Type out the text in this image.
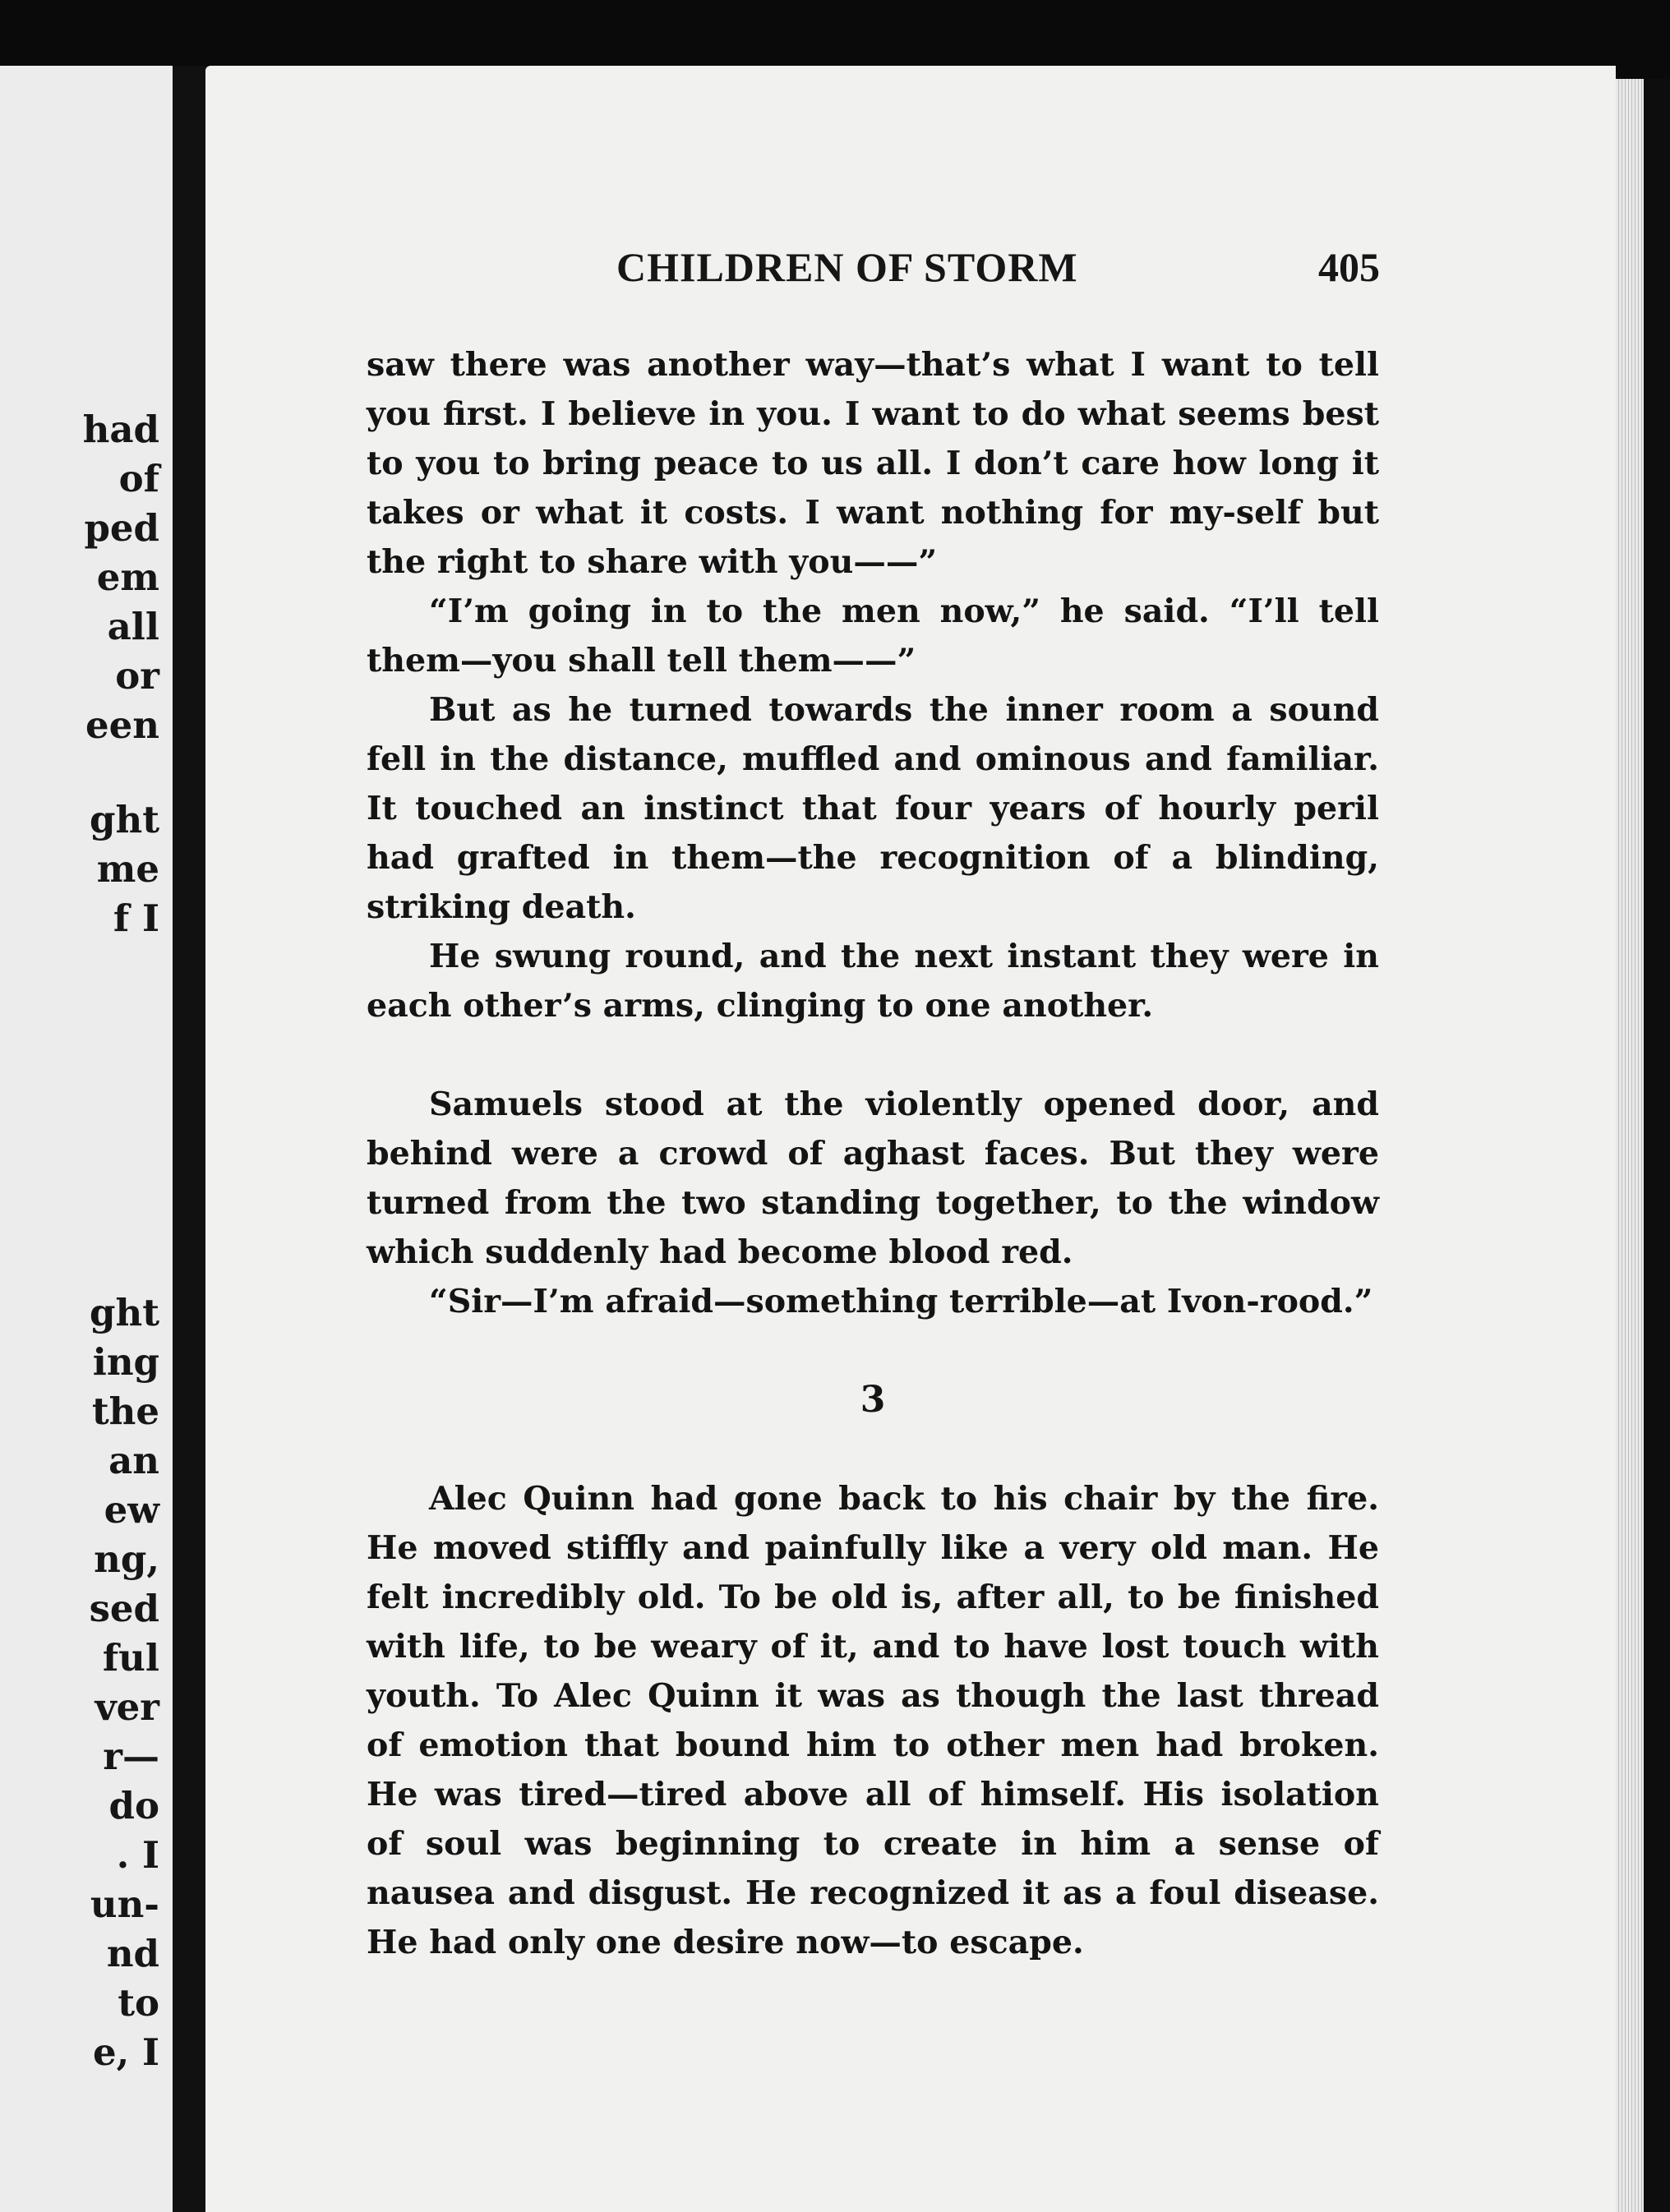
had
of
ped
em
all
or
een
ght
me
f I
ght
ing
the
an
ew
ng,
sed
ful
ver
r—
do
. I
un-
nd
to
e, I
CHILDREN OF STORM	405

saw there was another way—that’s what I want to tell you first. I believe in you. I want to do what seems best to you to bring peace to us all. I don’t care how long it takes or what it costs. I want nothing for my-self but the right to share with you——”

“I’m going in to the men now,” he said. “I’ll tell them—you shall tell them——”

But as he turned towards the inner room a sound fell in the distance, muffled and ominous and familiar. It touched an instinct that four years of hourly peril had grafted in them—the recognition of a blinding, striking death.

He swung round, and the next instant they were in each other’s arms, clinging to one another.

Samuels stood at the violently opened door, and behind were a crowd of aghast faces. But they were turned from the two standing together, to the window which suddenly had become blood red.

“Sir—I’m afraid—something terrible—at Ivon-rood.”

3

Alec Quinn had gone back to his chair by the fire. He moved stiffly and painfully like a very old man. He felt incredibly old. To be old is, after all, to be finished with life, to be weary of it, and to have lost touch with youth. To Alec Quinn it was as though the last thread of emotion that bound him to other men had broken. He was tired—tired above all of himself. His isolation of soul was beginning to create in him a sense of nausea and disgust. He recognized it as a foul disease. He had only one desire now—to escape.
